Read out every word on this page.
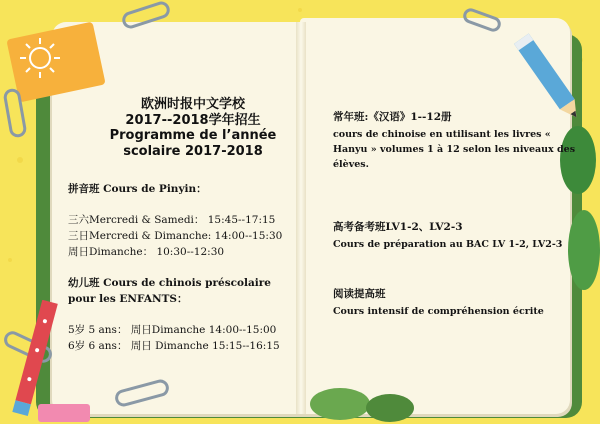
欧洲时报中文学校
2017--2018学年招生
Programme de l’année
scolaire 2017-2018
拼音班 Cours de Pinyin：
三六Mercredi & Samedi： 15:45--17:15
三日Mercredi & Dimanche: 14:00--15:30
周日Dimanche： 10:30--12:30
幼儿班 Cours de chinois préscolaire
pour les ENFANTS：
5岁 5 ans： 周日Dimanche 14:00--15:00
6岁 6 ans： 周日 Dimanche 15:15--16:15
常年班:《汉语》1--12册
cours de chinoise en utilisant les livres «
Hanyu » volumes 1 à 12 selon les niveaux des
élèves.
高考备考班LV1-2、LV2-3
Cours de préparation au BAC LV 1-2, LV2-3
阅读提高班
Cours intensif de compréhension écrite
